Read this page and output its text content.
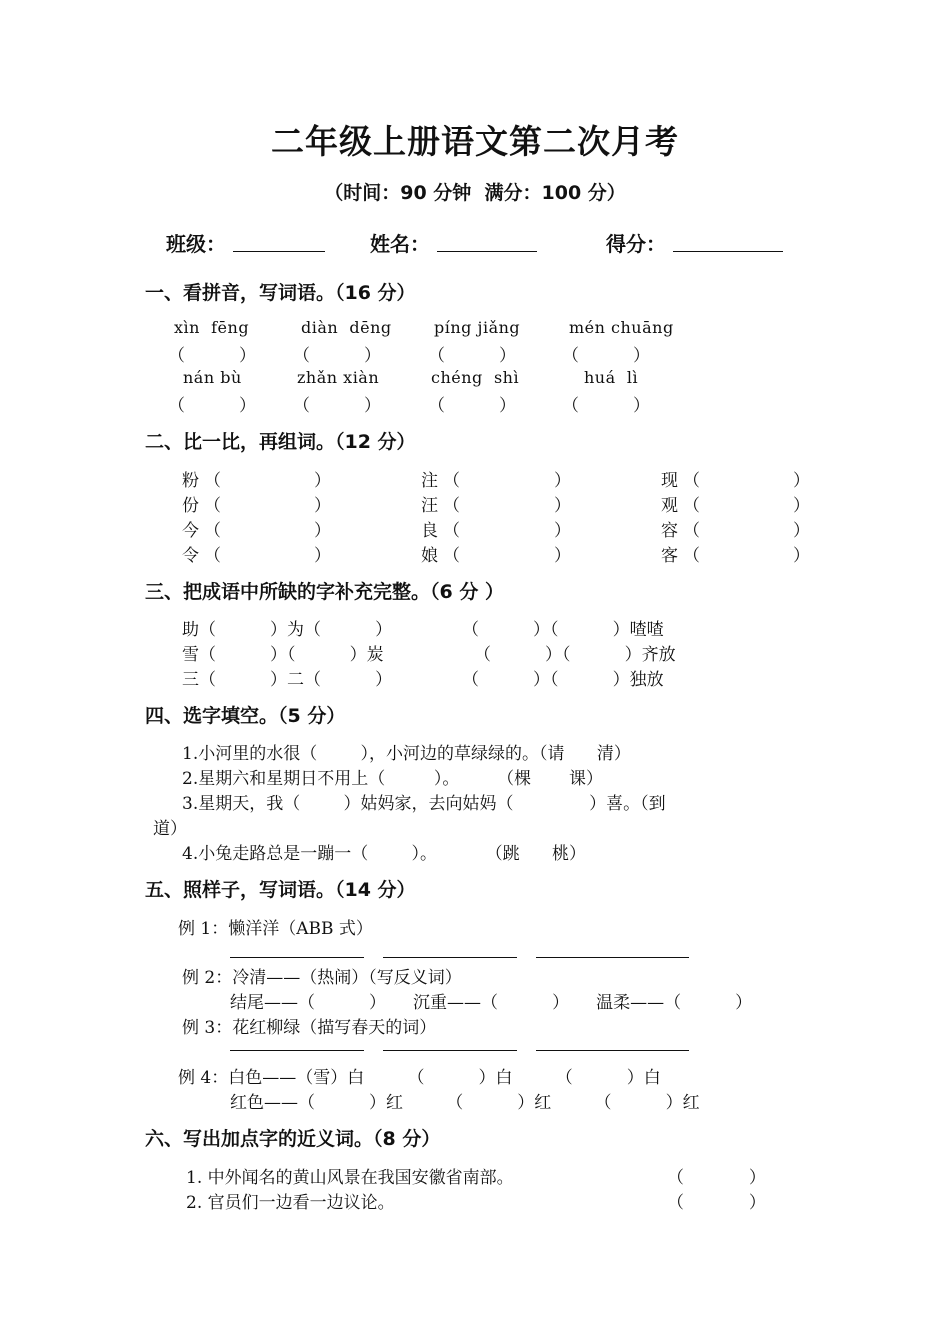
二年级上册语文第二次月考
（时间：90 分钟  满分：100 分）
班级：	姓名：	得分：
一、看拼音，写词语。（16 分）
xìn  fēng	diàn  dēng	píng jiǎng	mén chuāng
（          ） （          ）	（          ）	（          ）
nán bù	zhǎn xiàn	chéng  shì	huá  lì
（          ） （          ）	（          ）	（          ）
二、比一比，再组词。（12 分）
粉 （	）	注 （	）	现 （	）
份 （	）	汪 （	）	观 （	）
今 （	）	良 （	）	容 （	）
令 （	）	娘 （	）	客 （	）
三、把成语中所缺的字补充完整。（6 分 ）
助（          ）为（          ）	（          ）（          ）喳喳
雪（          ）（          ）炭	（          ）（          ）齐放
三（          ）二（          ）	（          ）（          ）独放
四、选字填空。（5 分）
1.小河里的水很（        ），小河边的草绿绿的。（请      清）
2.星期六和星期日不用上（         ）。       （棵       课）
3.星期天，我（        ）姑妈家，去向姑妈（              ）喜。（到
道）
4.小兔走路总是一蹦一（        ）。         （跳      桃）
五、照样子，写词语。（14 分）
例 1：懒洋洋（ABB 式）
例 2：冷清——（热闹）（写反义词）
结尾——（          ）     沉重——（          ）     温柔——（          ）
例 3：花红柳绿（描写春天的词）
例 4：白色——（雪）白        （          ）白        （          ）白
红色——（          ）红        （          ）红        （          ）红
六、写出加点字的近义词。（8 分）
1. 中外闻名的黄山风景在我国安徽省南部。	（            ）
2. 官员们一边看一边议论。	（            ）
